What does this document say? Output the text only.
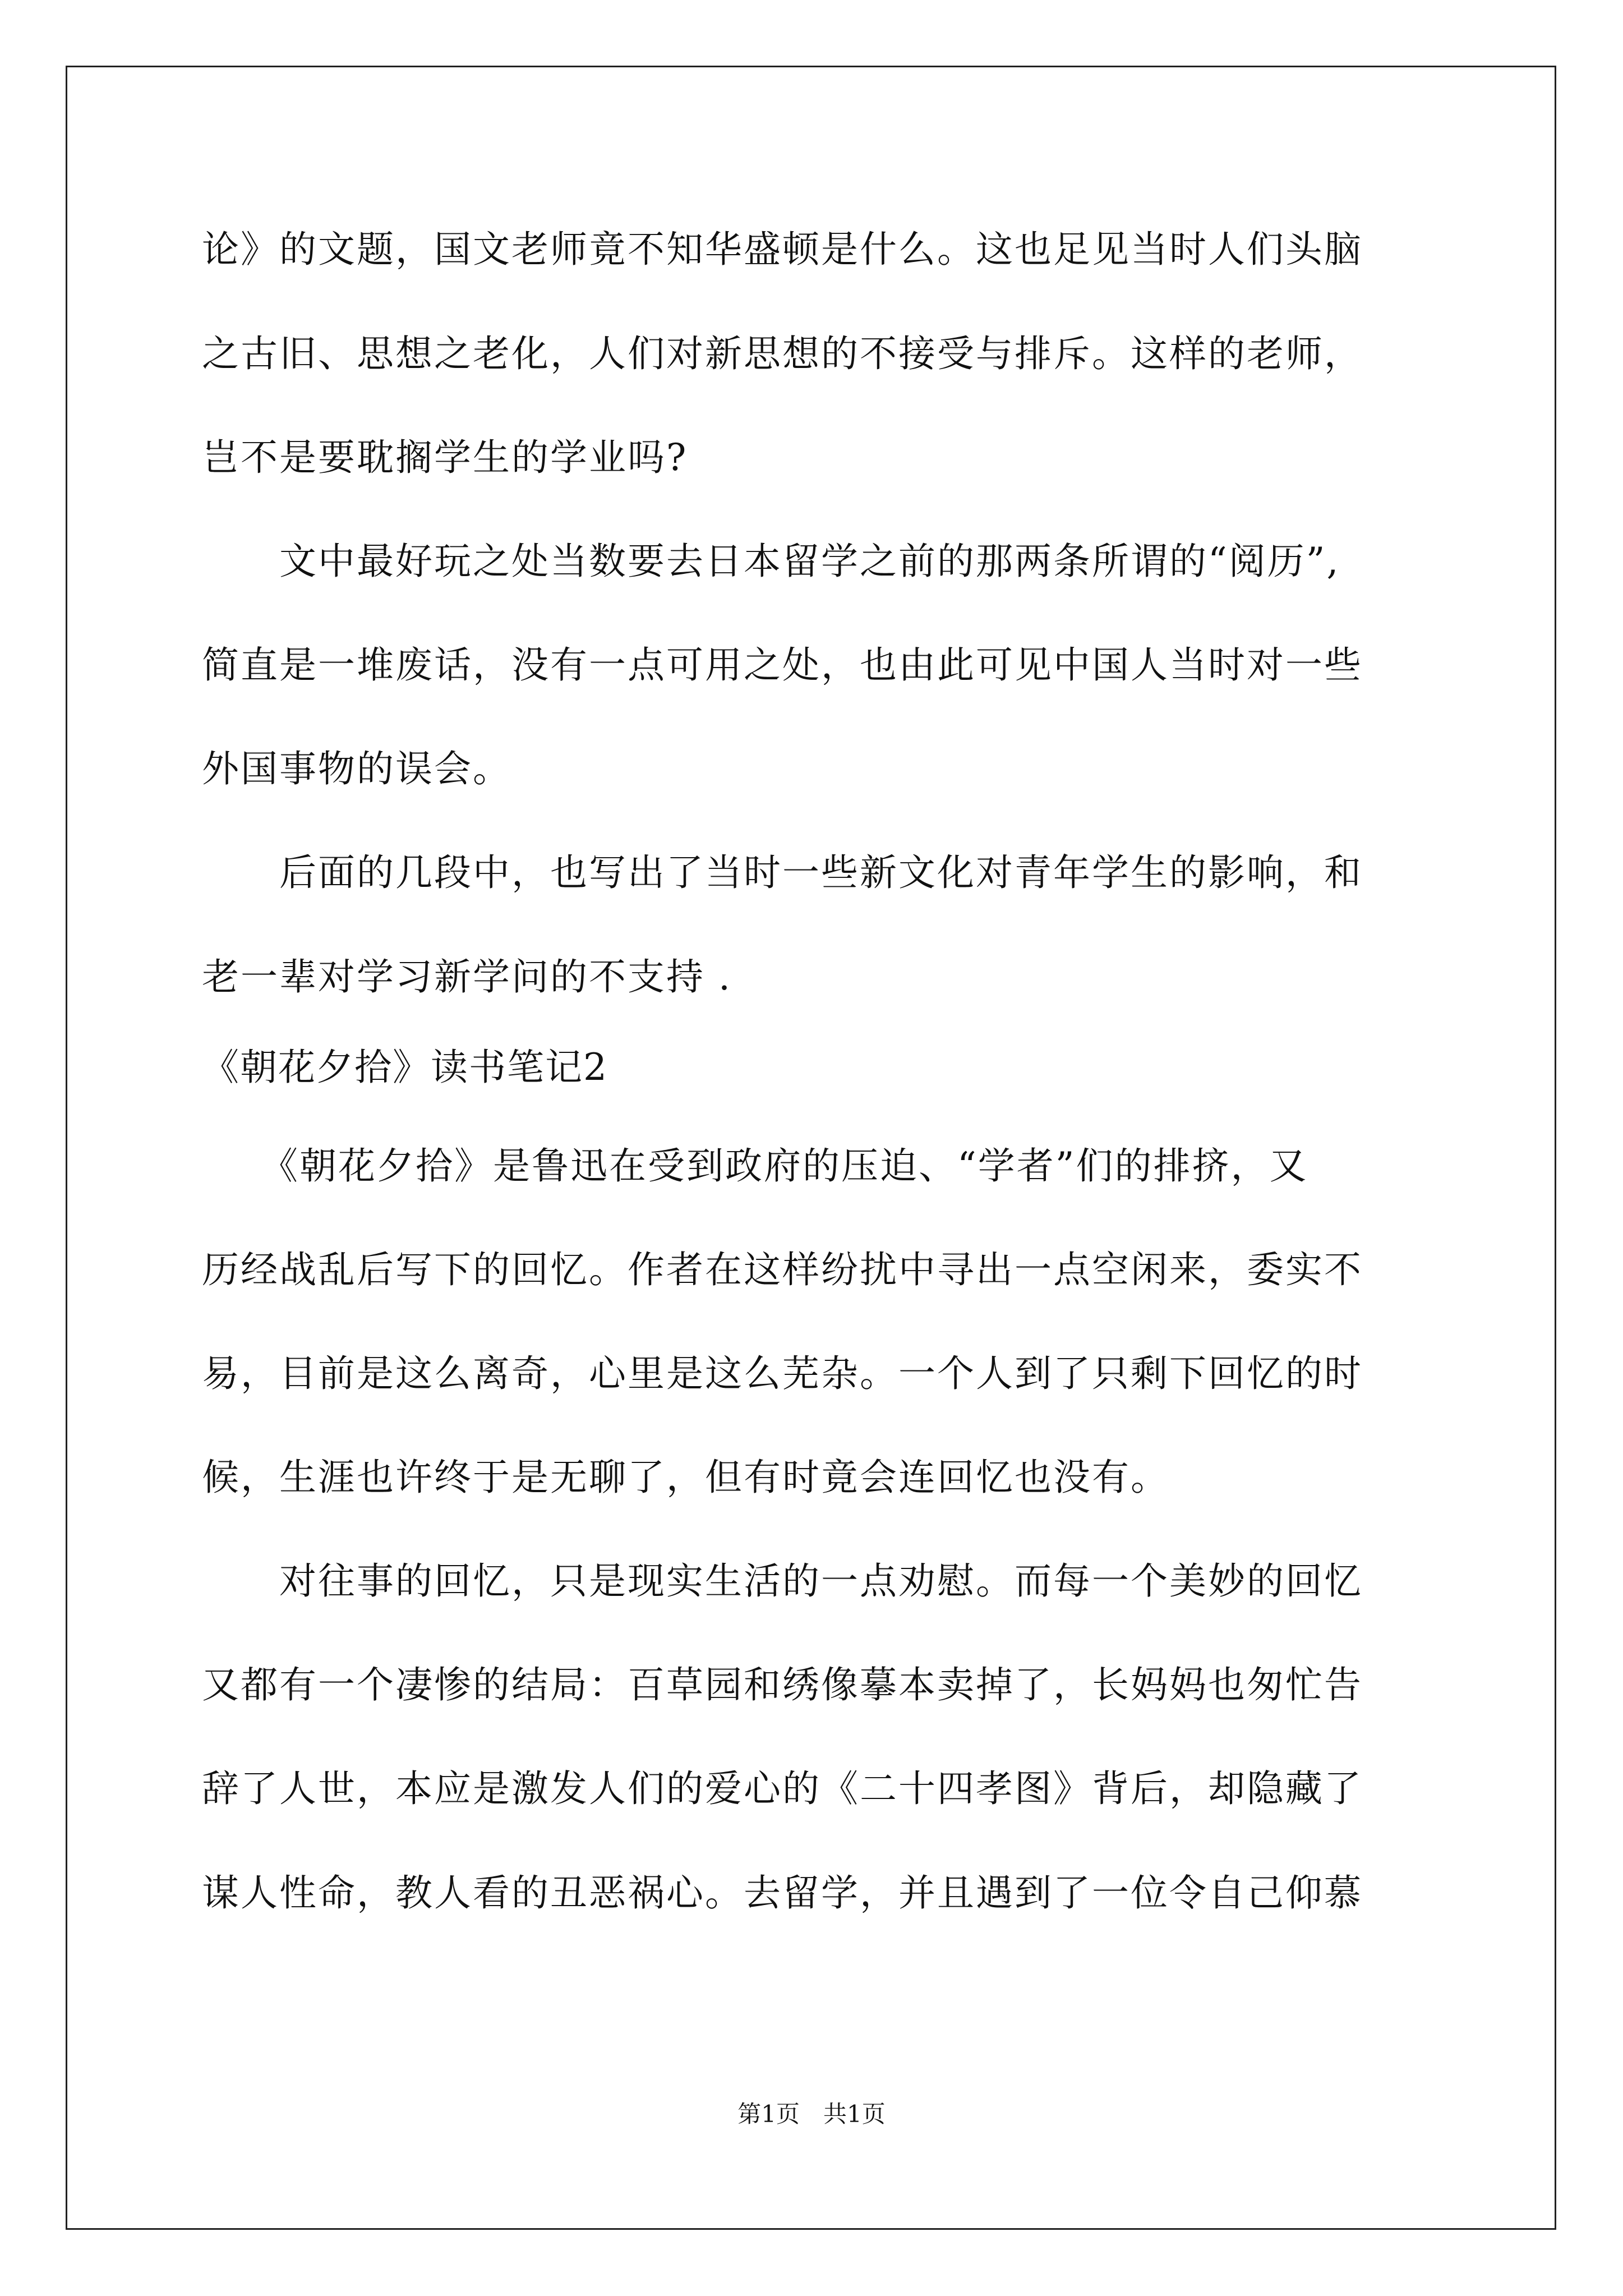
论》的文题，国文老师竟不知华盛顿是什么。这也足见当时人们头脑

之古旧、思想之老化，人们对新思想的不接受与排斥。这样的老师，

岂不是要耽搁学生的学业吗?

　　文中最好玩之处当数要去日本留学之前的那两条所谓的“阅历”,

简直是一堆废话，没有一点可用之处，也由此可见中国人当时对一些

外国事物的误会。

　　后面的几段中，也写出了当时一些新文化对青年学生的影响，和

老一辈对学习新学问的不支持 .

《朝花夕拾》读书笔记2

　　《朝花夕拾》是鲁迅在受到政府的压迫、“学者”们的排挤，又

历经战乱后写下的回忆。作者在这样纷扰中寻出一点空闲来，委实不

易，目前是这么离奇，心里是这么芜杂。一个人到了只剩下回忆的时

候，生涯也许终于是无聊了，但有时竟会连回忆也没有。

　　对往事的回忆，只是现实生活的一点劝慰。而每一个美妙的回忆

又都有一个凄惨的结局：百草园和绣像摹本卖掉了，长妈妈也匆忙告

辞了人世，本应是激发人们的爱心的《二十四孝图》背后，却隐藏了

谋人性命，教人看的丑恶祸心。去留学，并且遇到了一位令自己仰慕

第1页　共1页
